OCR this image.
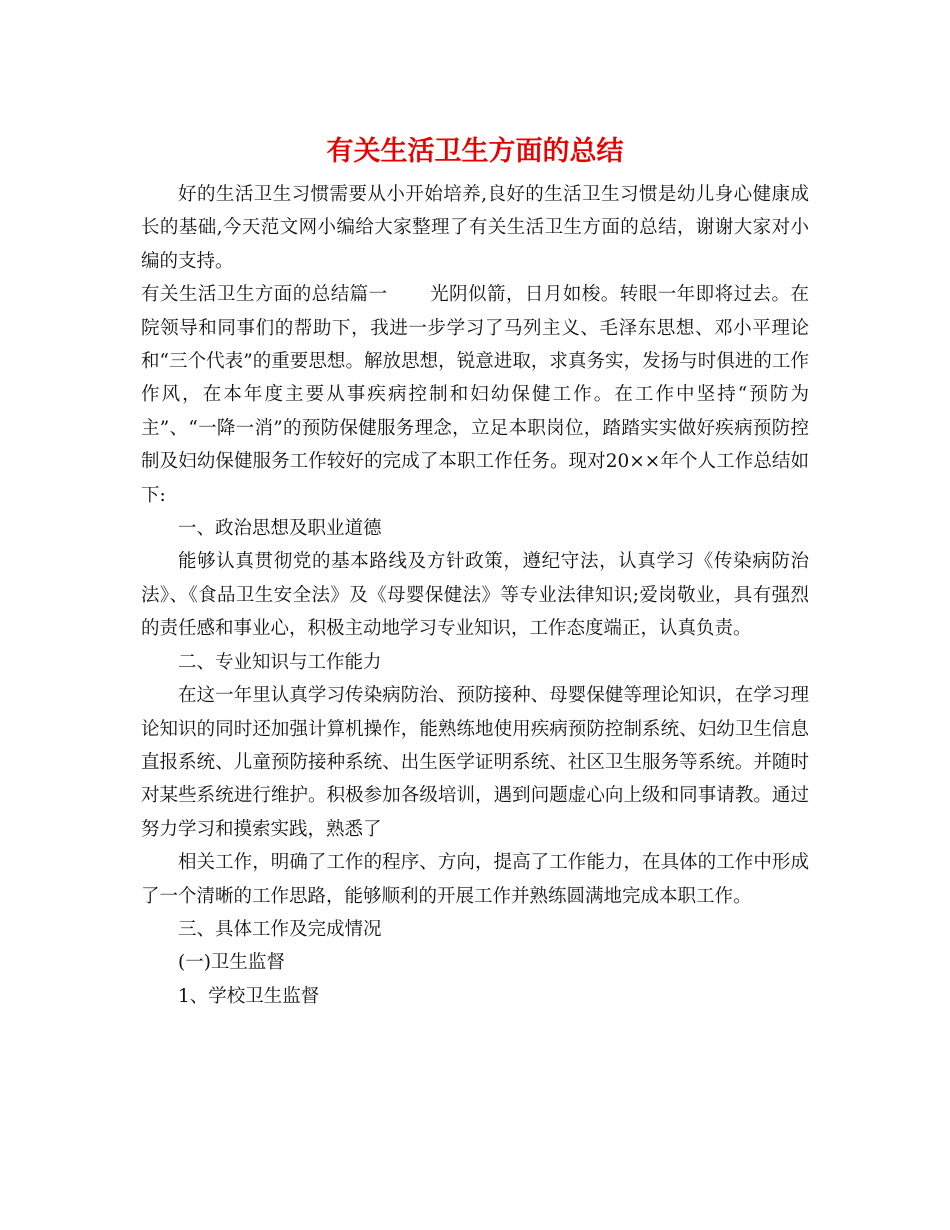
有关生活卫生方面的总结

好的生活卫生习惯需要从小开始培养,良好的生活卫生习惯是幼儿身心健康成长的基础,今天范文网小编给大家整理了有关生活卫生方面的总结，谢谢大家对小编的支持。

有关生活卫生方面的总结篇一 光阴似箭，日月如梭。转眼一年即将过去。在院领导和同事们的帮助下，我进一步学习了马列主义、毛泽东思想、邓小平理论和“三个代表”的重要思想。解放思想，锐意进取，求真务实，发扬与时俱进的工作作风，在本年度主要从事疾病控制和妇幼保健工作。在工作中坚持“预防为主”、“一降一消”的预防保健服务理念，立足本职岗位，踏踏实实做好疾病预防控制及妇幼保健服务工作较好的完成了本职工作任务。现对20××年个人工作总结如下:

一、政治思想及职业道德

能够认真贯彻党的基本路线及方针政策，遵纪守法，认真学习《传染病防治法》、《食品卫生安全法》及《母婴保健法》等专业法律知识;爱岗敬业，具有强烈的责任感和事业心，积极主动地学习专业知识，工作态度端正，认真负责。

二、专业知识与工作能力

在这一年里认真学习传染病防治、预防接种、母婴保健等理论知识，在学习理论知识的同时还加强计算机操作，能熟练地使用疾病预防控制系统、妇幼卫生信息直报系统、儿童预防接种系统、出生医学证明系统、社区卫生服务等系统。并随时对某些系统进行维护。积极参加各级培训，遇到问题虚心向上级和同事请教。通过努力学习和摸索实践，熟悉了

相关工作，明确了工作的程序、方向，提高了工作能力，在具体的工作中形成了一个清晰的工作思路，能够顺利的开展工作并熟练圆满地完成本职工作。

三、具体工作及完成情况

(一)卫生监督

1、学校卫生监督
